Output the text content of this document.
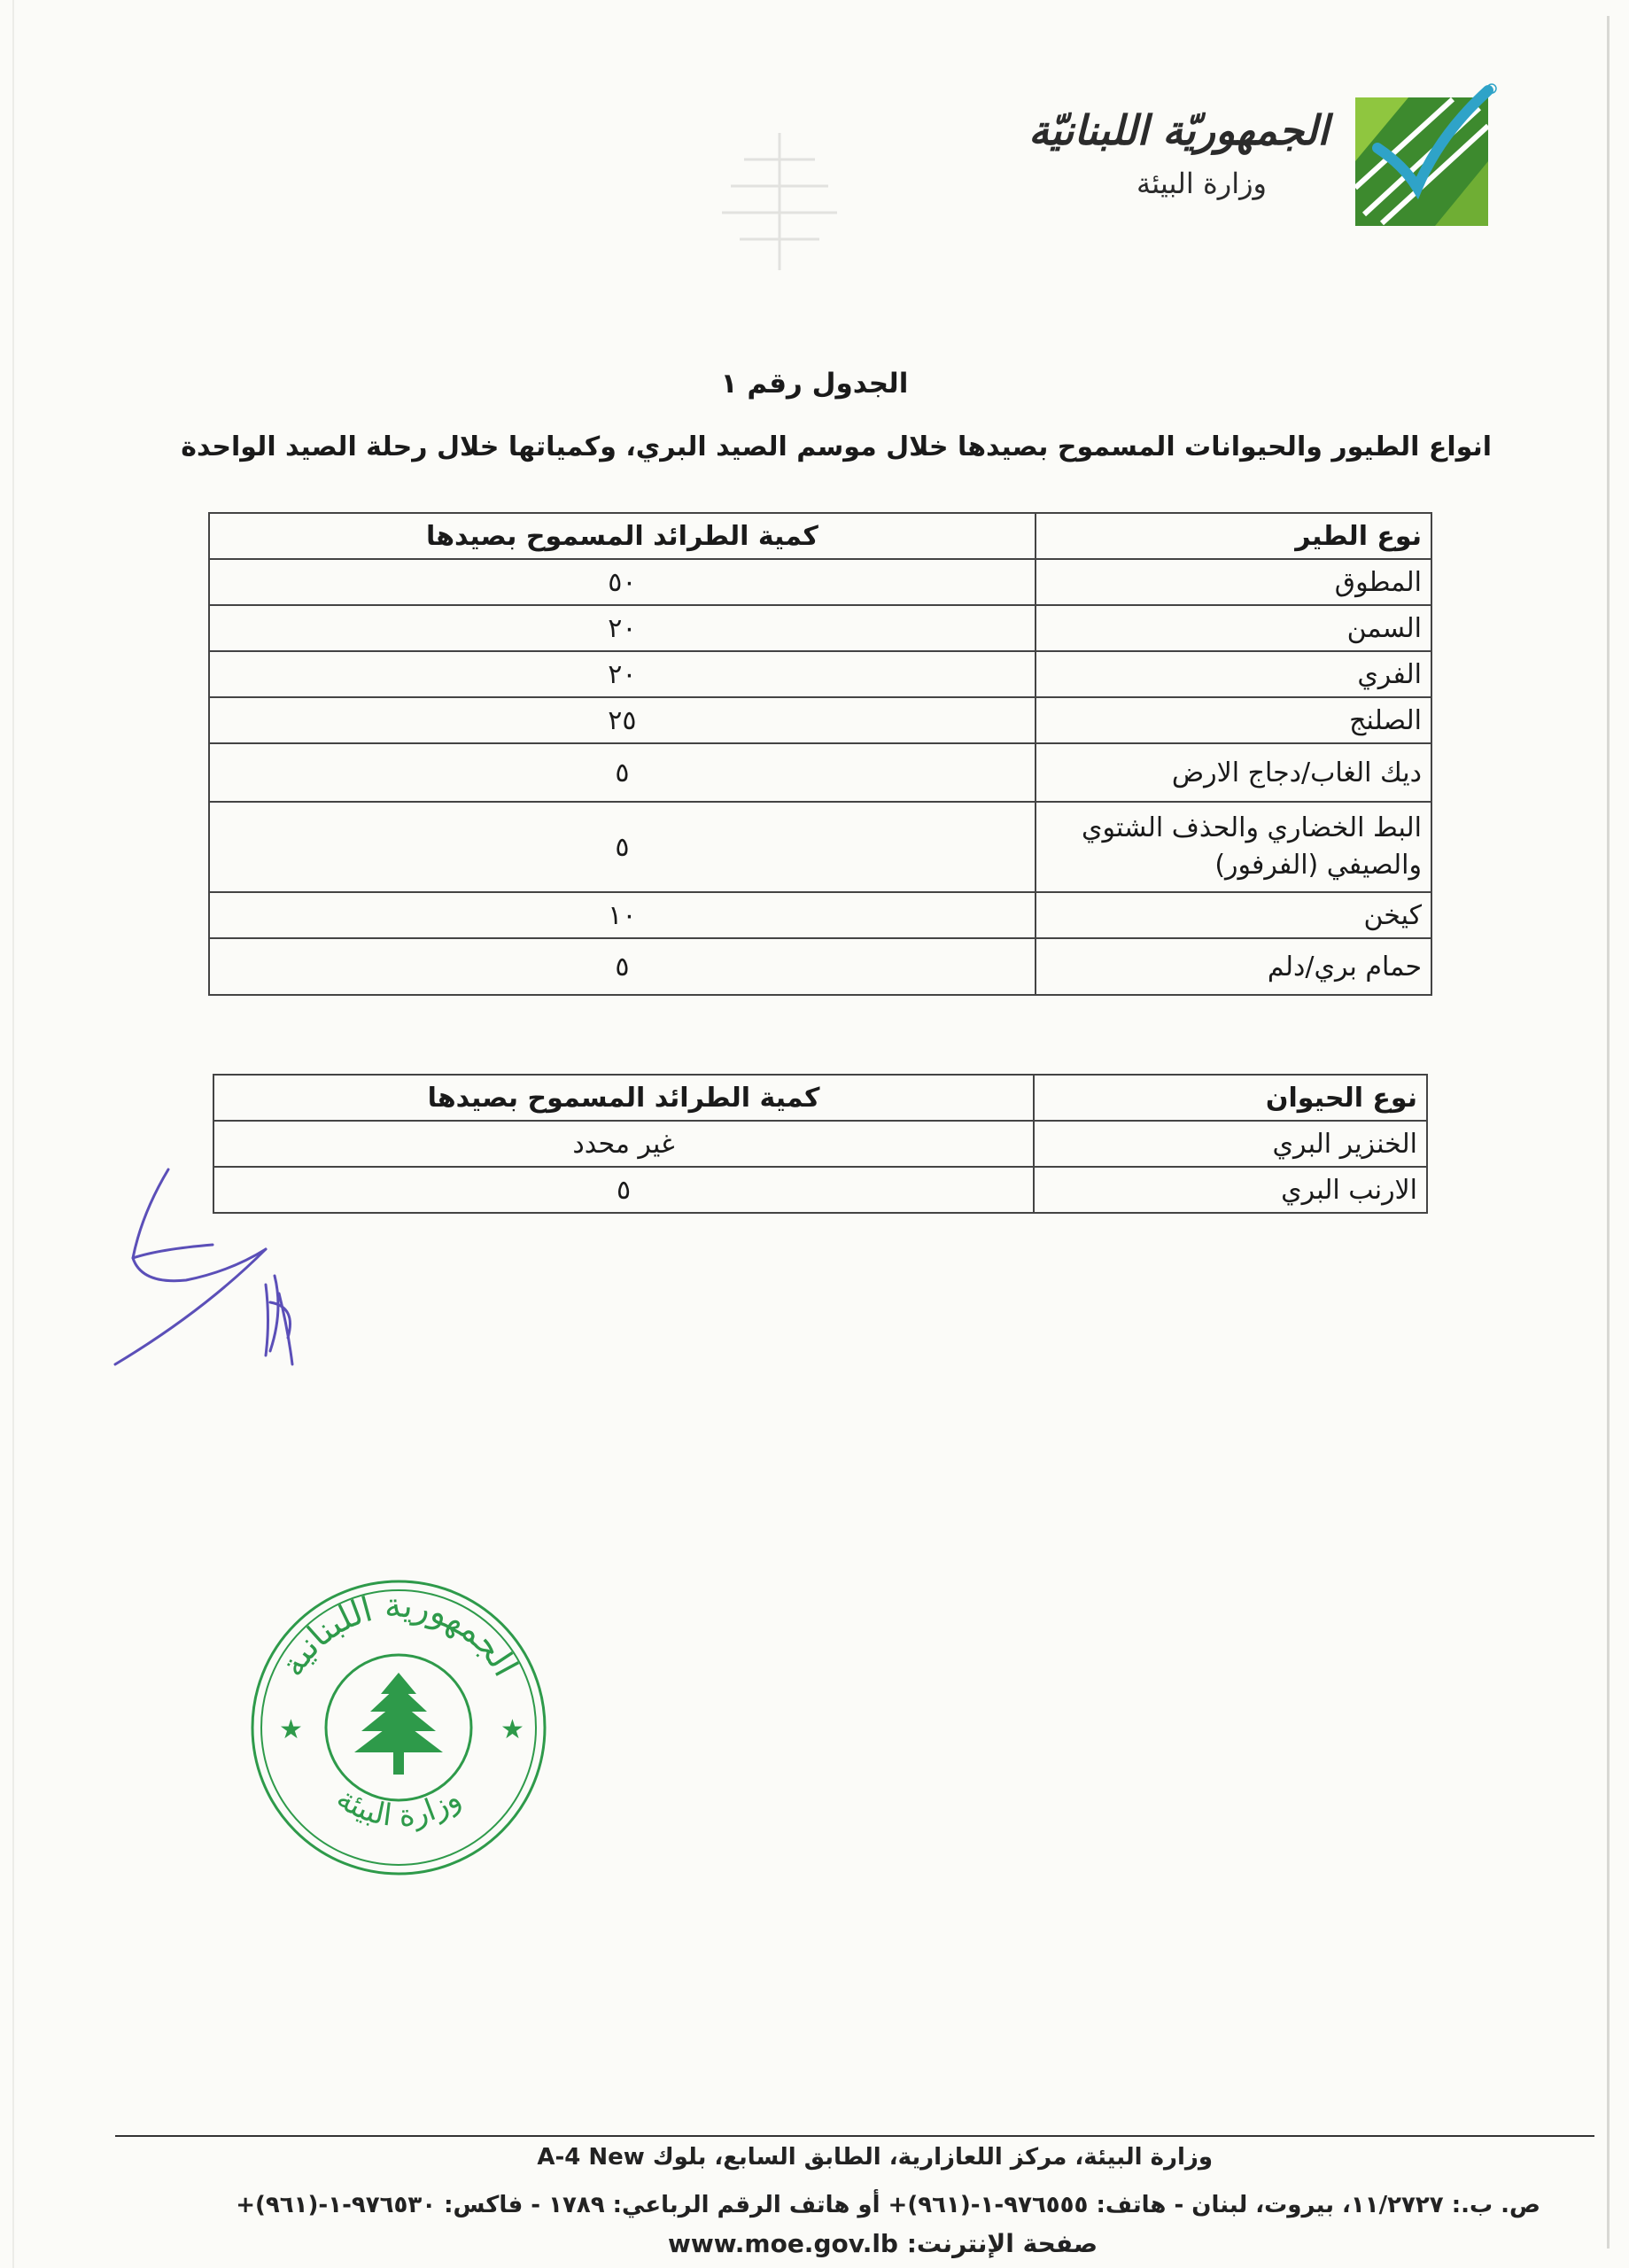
الجمهوريّة اللبنانيّة
وزارة البيئة
الجدول رقم ١
انواع الطيور والحيوانات المسموح بصيدها خلال موسم الصيد البري، وكمياتها خلال رحلة الصيد الواحدة
نوع الطير	كمية الطرائد المسموح بصيدها
المطوق	٥٠
السمن	٢٠
الفري	٢٠
الصلنج	٢٥
ديك الغاب/دجاج الارض	٥
البط الخضاري والحذف الشتوي والصيفي (الفرفور)	٥
كيخن	١٠
حمام بري/دلم	٥
نوع الحيوان	كمية الطرائد المسموح بصيدها
الخنزير البري	غير محدد
الارنب البري	٥
الجمهورية اللبنانية
وزارة البيئة
★	★
وزارة البيئة، مركز اللعازارية، الطابق السابع، بلوك A-4 New
ص. ب.: ١١/٢٧٢٧، بيروت، لبنان - هاتف: ٩٧٦٥٥٥-١-(٩٦١)+ أو هاتف الرقم الرباعي: ١٧٨٩ - فاكس: ٩٧٦٥٣٠-١-(٩٦١)+
صفحة الإنترنت: www.moe.gov.lb
